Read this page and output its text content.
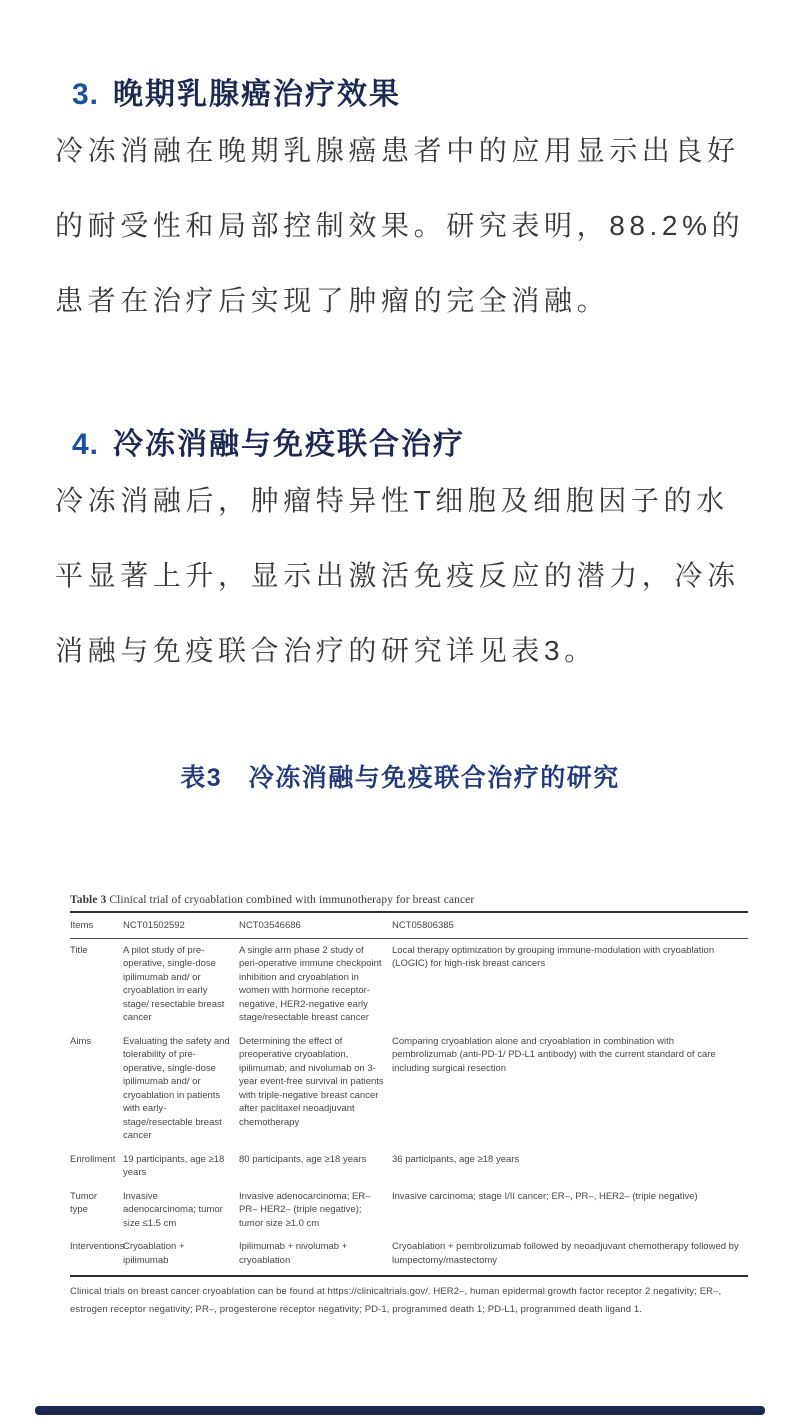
3. 晚期乳腺癌治疗效果
冷冻消融在晚期乳腺癌患者中的应用显示出良好
的耐受性和局部控制效果。研究表明，88.2%的
患者在治疗后实现了肿瘤的完全消融。
4. 冷冻消融与免疫联合治疗
冷冻消融后，肿瘤特异性T细胞及细胞因子的水
平显著上升，显示出激活免疫反应的潜力，冷冻
消融与免疫联合治疗的研究详见表3。
表3　冷冻消融与免疫联合治疗的研究
Table 3 Clinical trial of cryoablation combined with immunotherapy for breast cancer
Items	NCT01502592	NCT03546686	NCT05806385
Title	A pilot study of pre-operative, single-dose ipilimumab and/ or cryoablation in early stage/ resectable breast cancer	A single arm phase 2 study of peri-operative immune checkpoint inhibition and cryoablation in women with hormone receptor-negative, HER2-negative early stage/resectable breast cancer	Local therapy optimization by grouping immune-modulation with cryoablation (LOGIC) for high-risk breast cancers
Aims	Evaluating the safety and tolerability of pre-operative, single-dose ipilimumab and/ or cryoablation in patients with early-stage/resectable breast cancer	Determining the effect of preoperative cryoablation, ipilimumab, and nivolumab on 3-year event-free survival in patients with triple-negative breast cancer after paclitaxel neoadjuvant chemotherapy	Comparing cryoablation alone and cryoablation in combination with pembrolizumab (anti-PD-1/ PD-L1 antibody) with the current standard of care including surgical resection
Enrollment	19 participants, age ≥18 years	80 participants, age ≥18 years	36 participants, age ≥18 years
Tumor type	Invasive adenocarcinoma; tumor size ≤1.5 cm	Invasive adenocarcinoma; ER– PR– HER2– (triple negative); tumor size ≥1.0 cm	Invasive carcinoma; stage I/II cancer; ER–, PR–, HER2– (triple negative)
Interventions	Cryoablation + ipilimumab	Ipilimumab + nivolumab + cryoablation	Cryoablation + pembrolizumab followed by neoadjuvant chemotherapy followed by lumpectomy/mastectomy
Clinical trials on breast cancer cryoablation can be found at https://clinicaltrials.gov/. HER2–, human epidermal growth factor receptor 2 negativity; ER–, estrogen receptor negativity; PR–, progesterone receptor negativity; PD-1, programmed death 1; PD-L1, programmed death ligand 1.
